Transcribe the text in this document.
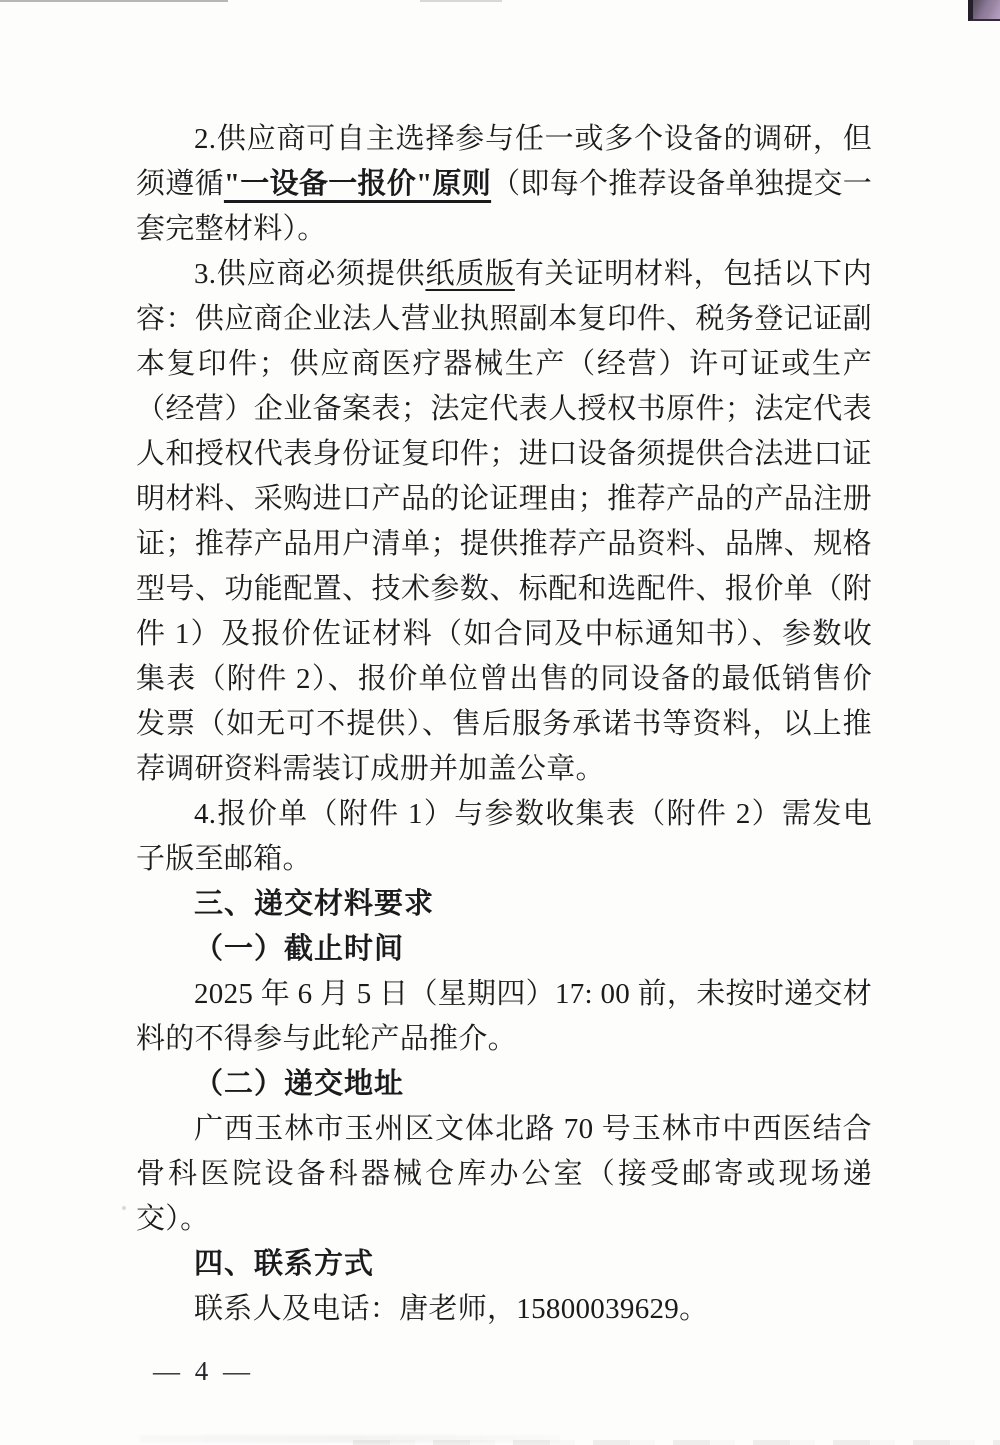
2.供应商可自主选择参与任一或多个设备的调研，但须遵循"一设备一报价"原则（即每个推荐设备单独提交一套完整材料）。

3.供应商必须提供纸质版有关证明材料，包括以下内容：供应商企业法人营业执照副本复印件、税务登记证副本复印件；供应商医疗器械生产（经营）许可证或生产（经营）企业备案表；法定代表人授权书原件；法定代表人和授权代表身份证复印件；进口设备须提供合法进口证明材料、采购进口产品的论证理由；推荐产品的产品注册证；推荐产品用户清单；提供推荐产品资料、品牌、规格型号、功能配置、技术参数、标配和选配件、报价单（附件 1）及报价佐证材料（如合同及中标通知书）、参数收集表（附件 2）、报价单位曾出售的同设备的最低销售价发票（如无可不提供）、售后服务承诺书等资料，以上推荐调研资料需装订成册并加盖公章。

4.报价单（附件 1）与参数收集表（附件 2）需发电子版至邮箱。

三、递交材料要求
（一）截止时间

2025 年 6 月 5 日（星期四）17: 00 前，未按时递交材料的不得参与此轮产品推介。

（二）递交地址

广西玉林市玉州区文体北路 70 号玉林市中西医结合骨科医院设备科器械仓库办公室（接受邮寄或现场递交）。

四、联系方式

联系人及电话：唐老师，15800039629。

— 4 —
